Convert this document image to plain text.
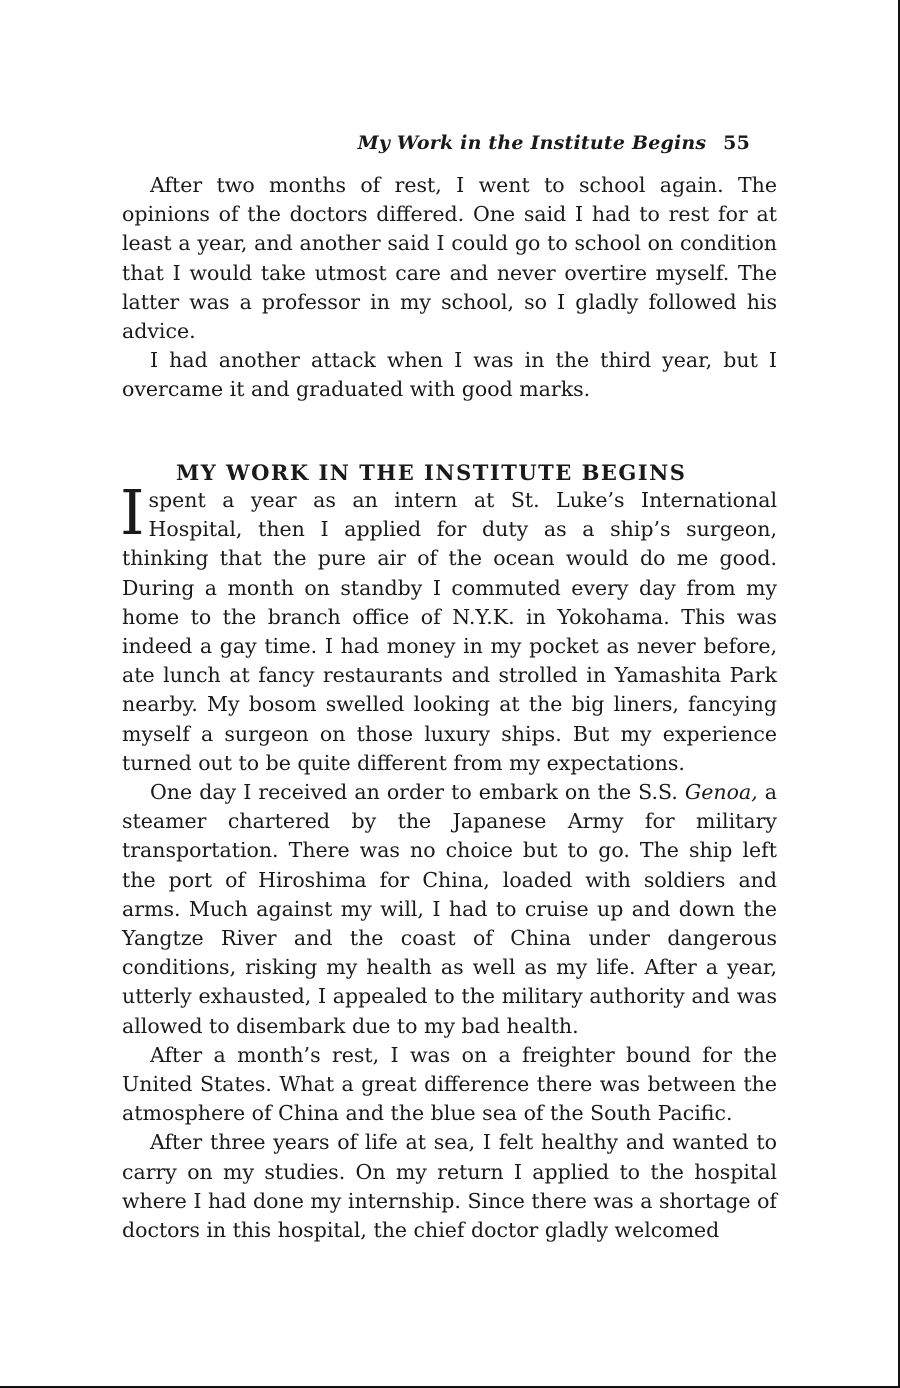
My Work in the Institute Begins 55

After two months of rest, I went to school again. The opinions of the doctors differed. One said I had to rest for at least a year, and another said I could go to school on condition that I would take utmost care and never overtire myself. The latter was a professor in my school, so I gladly followed his advice.

I had another attack when I was in the third year, but I overcame it and graduated with good marks.

MY WORK IN THE INSTITUTE BEGINS

Ispent a year as an intern at St. Luke’s International Hospital, then I applied for duty as a ship’s surgeon, thinking that the pure air of the ocean would do me good. During a month on standby I commuted every day from my home to the branch office of N.Y.K. in Yokohama. This was indeed a gay time. I had money in my pocket as never before, ate lunch at fancy restaurants and strolled in Yamashita Park nearby. My bosom swelled looking at the big liners, fancying myself a surgeon on those luxury ships. But my experience turned out to be quite different from my expectations.

One day I received an order to embark on the S.S. Genoa, a steamer chartered by the Japanese Army for military transportation. There was no choice but to go. The ship left the port of Hiroshima for China, loaded with soldiers and arms. Much against my will, I had to cruise up and down the Yangtze River and the coast of China under dangerous conditions, risking my health as well as my life. After a year, utterly exhausted, I appealed to the military authority and was allowed to disembark due to my bad health.

After a month’s rest, I was on a freighter bound for the United States. What a great difference there was between the atmosphere of China and the blue sea of the South Pacific.

After three years of life at sea, I felt healthy and wanted to carry on my studies. On my return I applied to the hospital where I had done my internship. Since there was a shortage of doctors in this hospital, the chief doctor gladly welcomed
